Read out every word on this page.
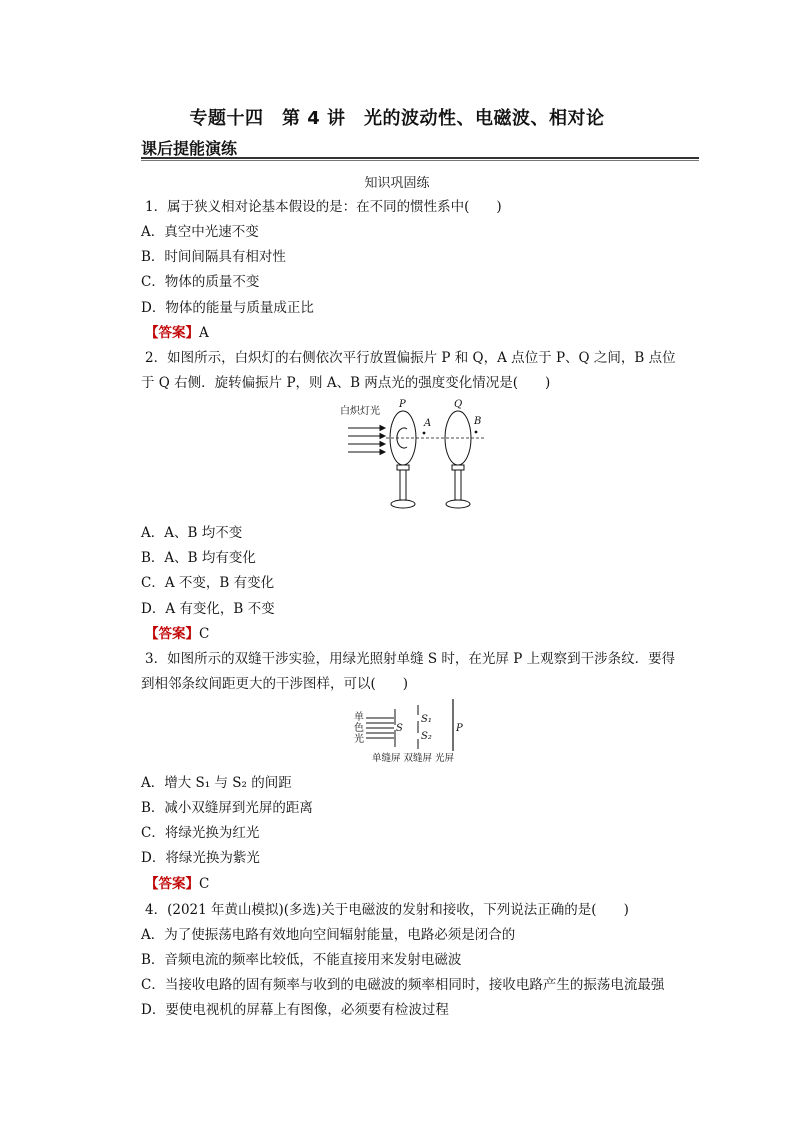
专题十四　第 4 讲　光的波动性、电磁波、相对论
课后提能演练
知识巩固练
1．属于狭义相对论基本假设的是：在不同的惯性系中(　　)
A．真空中光速不变
B．时间间隔具有相对性
C．物体的质量不变
D．物体的能量与质量成正比
【答案】A
2．如图所示，白炽灯的右侧依次平行放置偏振片 P 和 Q，A 点位于 P、Q 之间，B 点位
于 Q 右侧．旋转偏振片 P，则 A、B 两点光的强度变化情况是(　　)
白炽灯光
P
A
Q
B
A．A、B 均不变
B．A、B 均有变化
C．A 不变，B 有变化
D．A 有变化，B 不变
【答案】C
3．如图所示的双缝干涉实验，用绿光照射单缝 S 时，在光屏 P 上观察到干涉条纹．要得
到相邻条纹间距更大的干涉图样，可以(　　)
单
色
光
S
S₁
S₂
P
单缝屏 双缝屏 光屏
A．增大 S₁ 与 S₂ 的间距
B．减小双缝屏到光屏的距离
C．将绿光换为红光
D．将绿光换为紫光
【答案】C
4．(2021 年黄山模拟)(多选)关于电磁波的发射和接收，下列说法正确的是(　　)
A．为了使振荡电路有效地向空间辐射能量，电路必须是闭合的
B．音频电流的频率比较低，不能直接用来发射电磁波
C．当接收电路的固有频率与收到的电磁波的频率相同时，接收电路产生的振荡电流最强
D．要使电视机的屏幕上有图像，必须要有检波过程
